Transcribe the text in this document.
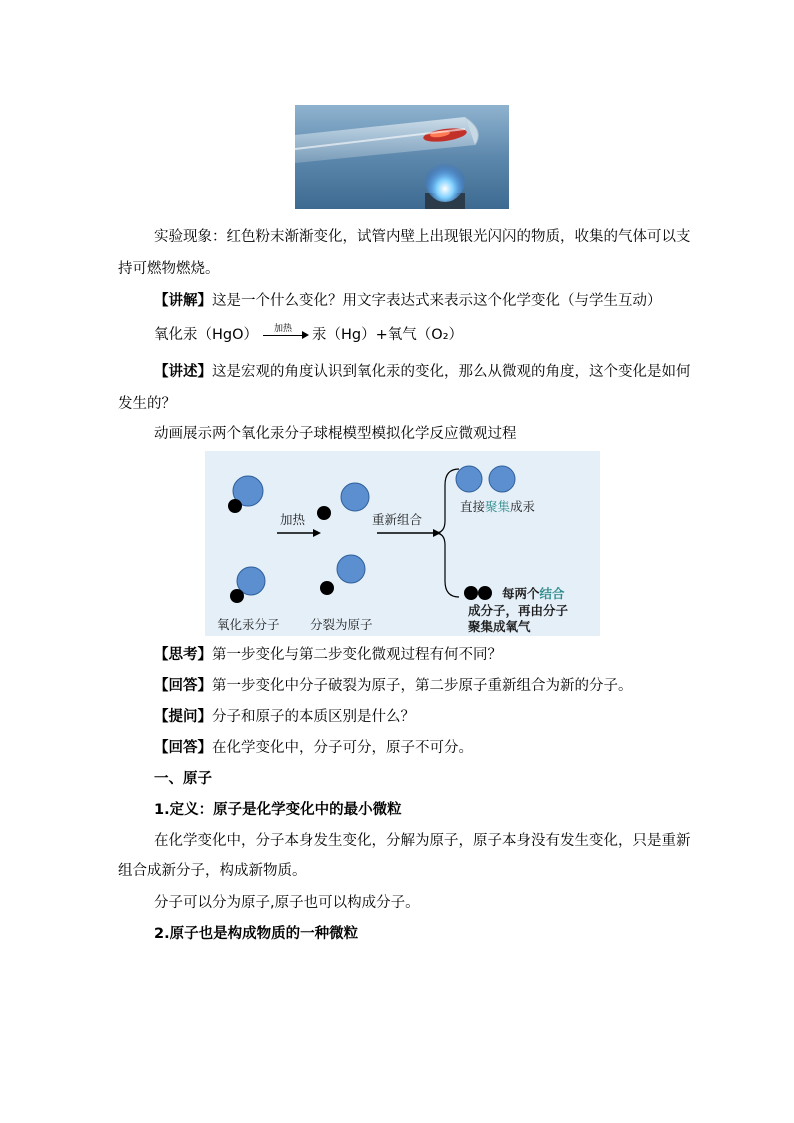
实验现象：红色粉末渐渐变化，试管内壁上出现银光闪闪的物质，收集的气体可以支
持可燃物燃烧。
【讲解】这是一个什么变化？用文字表达式来表示这个化学变化（与学生互动）
氧化汞（HgO）	加热	汞（Hg）+氧气（O₂）
【讲述】这是宏观的角度认识到氧化汞的变化，那么从微观的角度，这个变化是如何
发生的？
动画展示两个氧化汞分子球棍模型模拟化学反应微观过程
加热	重新组合
直接聚集成汞
每两个结合
成分子，再由分子
聚集成氧气
氧化汞分子 分裂为原子
【思考】第一步变化与第二步变化微观过程有何不同？
【回答】第一步变化中分子破裂为原子，第二步原子重新组合为新的分子。
【提问】分子和原子的本质区别是什么？
【回答】在化学变化中，分子可分，原子不可分。
一、原子
1.定义：原子是化学变化中的最小微粒
在化学变化中，分子本身发生变化，分解为原子，原子本身没有发生变化，只是重新
组合成新分子，构成新物质。
分子可以分为原子,原子也可以构成分子。
2.原子也是构成物质的一种微粒
